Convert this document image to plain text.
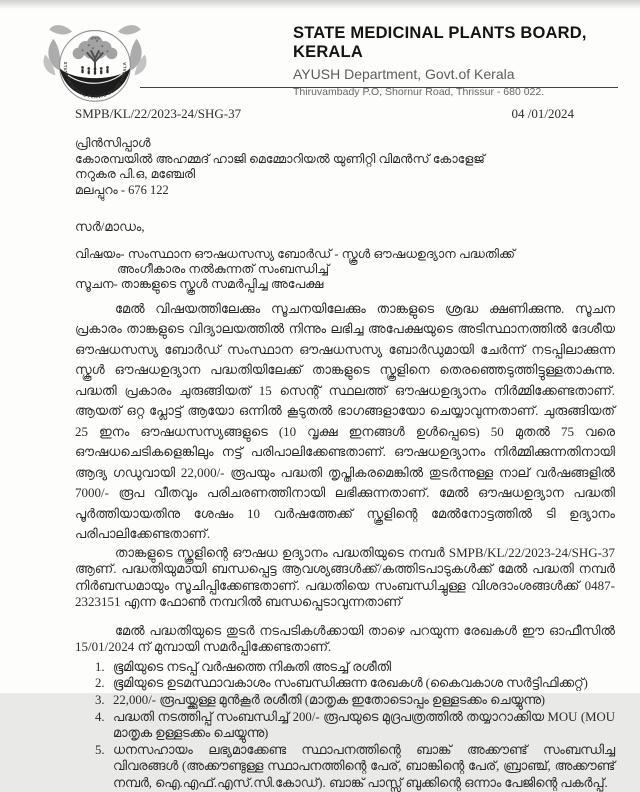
STATE MEDICINAL PLANTS BOARD KERALA
औषधि	STATE MEDICINAL PLANTS BOARD, KERALA
AYUSH Department, Govt.of Kerala
Thiruvambady P.O, Shornur Road, Thrissur - 680 022.
SMPB/KL/22/2023-24/SHG-37	04 /01/2024
പ്രിൻസിപ്പാൾ
കോരമ്പയിൽ അഹമ്മദ് ഹാജി മെമ്മോറിയൽ യുണിറ്റി വിമൻസ് കോളേജ്
നറുകര പി.ഒ, മഞ്ചേരി
മലപ്പുറം - 676 122
സർ/മാഡം,
വിഷയം- സംസ്ഥാന ഔഷധസസ്യ ബോർഡ് - സ്കൂൾ ഔഷധഉദ്യാന പദ്ധതിക്ക്
അംഗീകാരം നൽകുന്നത് സംബന്ധിച്ച്
സൂചന- താങ്കളുടെ സ്കൂൾ സമർപ്പിച്ച അപേക്ഷ
മേൽ വിഷയത്തിലേക്കും സൂചനയിലേക്കും താങ്കളുടെ ശ്രദ്ധ ക്ഷണിക്കുന്നു. സൂചന പ്രകാരം താങ്കളുടെ വിദ്യാലയത്തിൽ നിന്നും ലഭിച്ച അപേക്ഷയുടെ അടിസ്ഥാനത്തിൽ ദേശീയ ഔഷധസസ്യ ബോർഡ് സംസ്ഥാന ഔഷധസസ്യ ബോർഡുമായി ചേർന്ന് നടപ്പിലാക്കുന്ന സ്കൂൾ ഔഷധഉദ്യാന പദ്ധതിയിലേക്ക് താങ്കളുടെ സ്കൂളിനെ തെരഞ്ഞെടുത്തിട്ടുള്ളതാകുന്നു. പദ്ധതി പ്രകാരം ചുരുങ്ങിയത് 15 സെന്റ് സ്ഥലത്ത് ഔഷധഉദ്യാനം നിർമ്മിക്കേണ്ടതാണ്. ആയത് ഒറ്റ പ്ലോട്ട് ആയോ ഒന്നിൽ കൂടുതൽ ഭാഗങ്ങളായോ ചെയ്യാവുന്നതാണ്. ചുരുങ്ങിയത് 25 ഇനം ഔഷധസസ്യങ്ങളുടെ (10 വൃക്ഷ ഇനങ്ങൾ ഉൾപ്പെടെ) 50 മുതൽ 75 വരെ ഔഷധചെടികളെങ്കിലും നട്ട് പരിപാലിക്കേണ്ടതാണ്. ഔഷധഉദ്യാനം നിർമ്മിക്കുന്നതിനായി ആദ്യ ഗഡുവായി 22,000/- രൂപയും പദ്ധതി തൃപ്തികരമെങ്കിൽ തുടർന്നുള്ള നാല് വർഷങ്ങളിൽ 7000/- രൂപ വീതവും പരിചരണത്തിനായി ലഭിക്കുന്നതാണ്. മേൽ ഔഷധഉദ്യാന പദ്ധതി പൂർത്തിയായതിനു ശേഷം 10 വർഷത്തേക്ക് സ്കൂളിന്റെ മേൽനോട്ടത്തിൽ ടി ഉദ്യാനം പരിപാലിക്കേണ്ടതാണ്.
താങ്കളുടെ സ്കൂളിന്റെ ഔഷധ ഉദ്യാനം പദ്ധതിയുടെ നമ്പർ SMPB/KL/22/2023-24/SHG-37 ആണ്. പദ്ധതിയുമായി ബന്ധപ്പെട്ട ആവശ്യങ്ങൾക്ക്/കത്തിടപാടുകൾക്ക് മേൽ പദ്ധതി നമ്പർ നിർബന്ധമായും സൂചിപ്പിക്കേണ്ടതാണ്. പദ്ധതിയെ സംബന്ധിച്ചുള്ള വിശദാംശങ്ങൾക്ക് 0487-2323151 എന്ന ഫോൺ നമ്പറിൽ ബന്ധപ്പെടാവുന്നതാണ്
മേൽ പദ്ധതിയുടെ തുടർ നടപടികൾക്കായി താഴെ പറയുന്ന രേഖകൾ ഈ ഓഫീസിൽ 15/01/2024 ന് മുമ്പായി സമർപ്പിക്കേണ്ടതാണ്.
1. ഭൂമിയുടെ നടപ്പ് വർഷത്തെ നികുതി അടച്ച് രശീതി
2. ഭൂമിയുടെ ഉടമസ്ഥാവകാശം സംബന്ധിക്കുന്ന രേഖകൾ (കൈവകാശ സർട്ടിഫിക്കറ്റ്)
3. 22,000/- രൂപയ്ക്കുള്ള മുൻകൂർ രശീതി (മാതൃക ഇതോടൊപ്പം ഉള്ളടക്കം ചെയ്യുന്നു)
4. പദ്ധതി നടത്തിപ്പ് സംബന്ധിച്ച് 200/- രൂപയുടെ മുദ്രപത്രത്തിൽ തയ്യാറാക്കിയ MOU (MOU മാതൃക ഉള്ളടക്കം ചെയ്യുന്നു)
5. ധനസഹായം ലഭ്യമാക്കേണ്ട സ്ഥാപനത്തിന്റെ ബാങ്ക് അക്കൗണ്ട് സംബന്ധിച്ച വിവരങ്ങൾ (അക്കൗണ്ടുള്ള സ്ഥാപനത്തിന്റെ പേര്, ബാങ്കിന്റെ പേര്, ബ്രാഞ്ച്, അക്കൗണ്ട് നമ്പർ, ഐ.എഫ്.എസ്.സി.കോഡ്). ബാങ്ക് പാസ്സ് ബുക്കിന്റെ ഒന്നാം പേജിന്റെ പകർപ്പ്.
